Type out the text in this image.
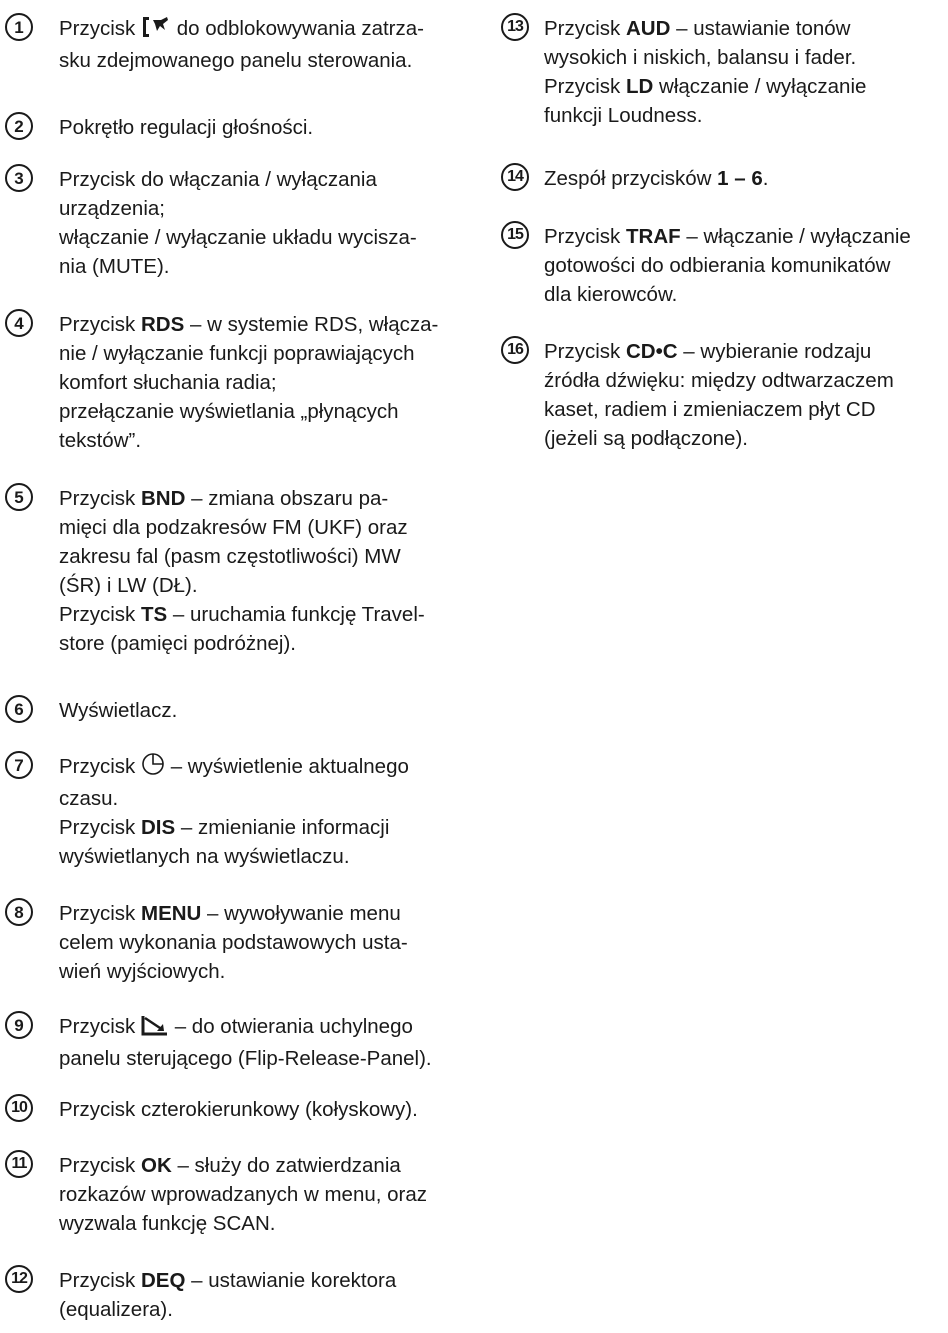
1	Przycisk  do odblokowywania zatrza-
sku zdejmowanego panelu sterowania.
2	Pokrętło regulacji głośności.
3	Przycisk do włączania / wyłączania
urządzenia;
włączanie / wyłączanie układu wycisza-
nia (MUTE).
4	Przycisk RDS – w systemie RDS, włącza-
nie / wyłączanie funkcji poprawiających
komfort słuchania radia;
przełączanie wyświetlania „płynących
tekstów”.
5	Przycisk BND – zmiana obszaru pa-
mięci dla podzakresów FM (UKF) oraz
zakresu fal (pasm częstotliwości) MW
(ŚR) i LW (DŁ).
Przycisk TS – uruchamia funkcję Travel-
store (pamięci podróżnej).
6	Wyświetlacz.
7	Przycisk  – wyświetlenie aktualnego
czasu.
Przycisk DIS – zmienianie informacji
wyświetlanych na wyświetlaczu.
8	Przycisk MENU – wywoływanie menu
celem wykonania podstawowych usta-
wień wyjściowych.
9	Przycisk  – do otwierania uchylnego
panelu sterującego (Flip-Release-Panel).
10 Przycisk czterokierunkowy (kołyskowy).
11	Przycisk OK – służy do zatwierdzania
rozkazów wprowadzanych w menu, oraz
wyzwala funkcję SCAN.
12 Przycisk DEQ – ustawianie korektora
(equalizera).
13 Przycisk AUD – ustawianie tonów
wysokich i niskich, balansu i fader.
Przycisk LD włączanie / wyłączanie
funkcji Loudness.
14 Zespół przycisków 1 – 6.
15 Przycisk TRAF – włączanie / wyłączanie
gotowości do odbierania komunikatów
dla kierowców.
16 Przycisk CD•C – wybieranie rodzaju
źródła dźwięku: między odtwarzaczem
kaset, radiem i zmieniaczem płyt CD
(jeżeli są podłączone).
